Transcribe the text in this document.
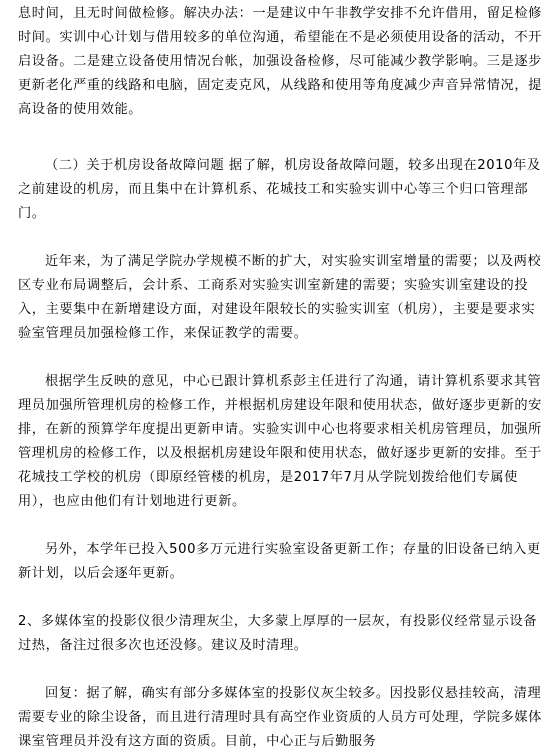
息时间，且无时间做检修。解决办法：一是建议中午非教学安排不允许借用，留足检修时间。实训中心计划与借用较多的单位沟通，希望能在不是必须使用设备的活动，不开启设备。二是建立设备使用情况台帐，加强设备检修，尽可能减少教学影响。三是逐步更新老化严重的线路和电脑，固定麦克风，从线路和使用等角度减少声音异常情况，提高设备的使用效能。

（二）关于机房设备故障问题 据了解，机房设备故障问题，较多出现在2010年及之前建设的机房，而且集中在计算机系、花城技工和实验实训中心等三个归口管理部门。

近年来，为了满足学院办学规模不断的扩大，对实验实训室增量的需要；以及两校区专业布局调整后，会计系、工商系对实验实训室新建的需要；实验实训室建设的投入，主要集中在新增建设方面，对建设年限较长的实验实训室（机房），主要是要求实验室管理员加强检修工作，来保证教学的需要。

根据学生反映的意见，中心已跟计算机系彭主任进行了沟通，请计算机系要求其管理员加强所管理机房的检修工作，并根据机房建设年限和使用状态，做好逐步更新的安排，在新的预算学年度提出更新申请。实验实训中心也将要求相关机房管理员，加强所管理机房的检修工作，以及根据机房建设年限和使用状态，做好逐步更新的安排。至于花城技工学校的机房（即原经管楼的机房，是2017年7月从学院划拨给他们专属使用），也应由他们有计划地进行更新。

另外，本学年已投入500多万元进行实验室设备更新工作；存量的旧设备已纳入更新计划，以后会逐年更新。

2、多媒体室的投影仪很少清理灰尘，大多蒙上厚厚的一层灰，有投影仪经常显示设备过热，备注过很多次也还没修。建议及时清理。

回复：据了解，确实有部分多媒体室的投影仪灰尘较多。因投影仪悬挂较高，清理需要专业的除尘设备，而且进行清理时具有高空作业资质的人员方可处理，学院多媒体课室管理员并没有这方面的资质。目前，中心正与后勤服务
